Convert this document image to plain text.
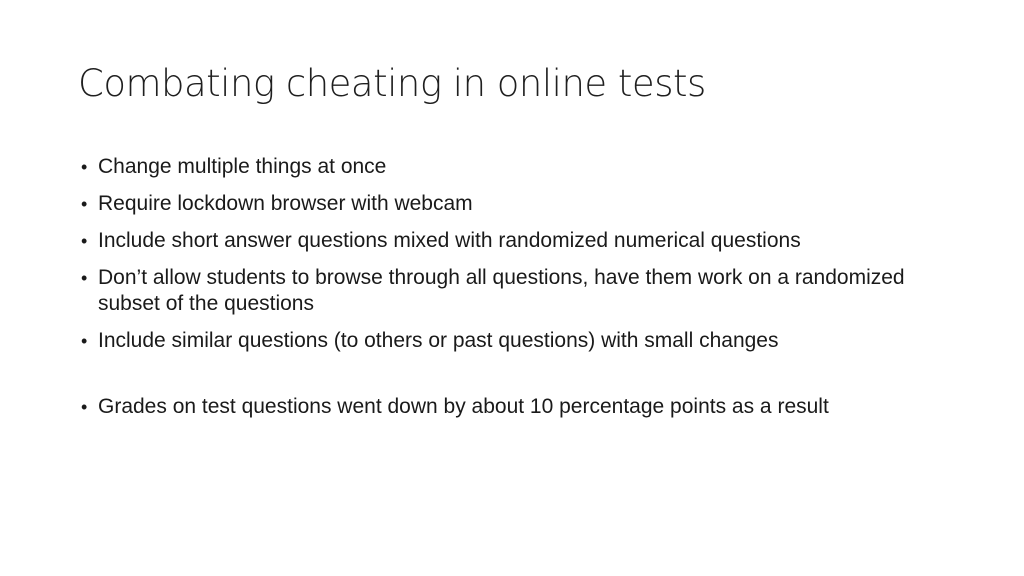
Combating cheating in online tests
• Change multiple things at once
• Require lockdown browser with webcam
• Include short answer questions mixed with randomized numerical questions
• Don’t allow students to browse through all questions, have them work on a randomized subset of the questions
• Include similar questions (to others or past questions) with small changes
• Grades on test questions went down by about 10 percentage points as a result
